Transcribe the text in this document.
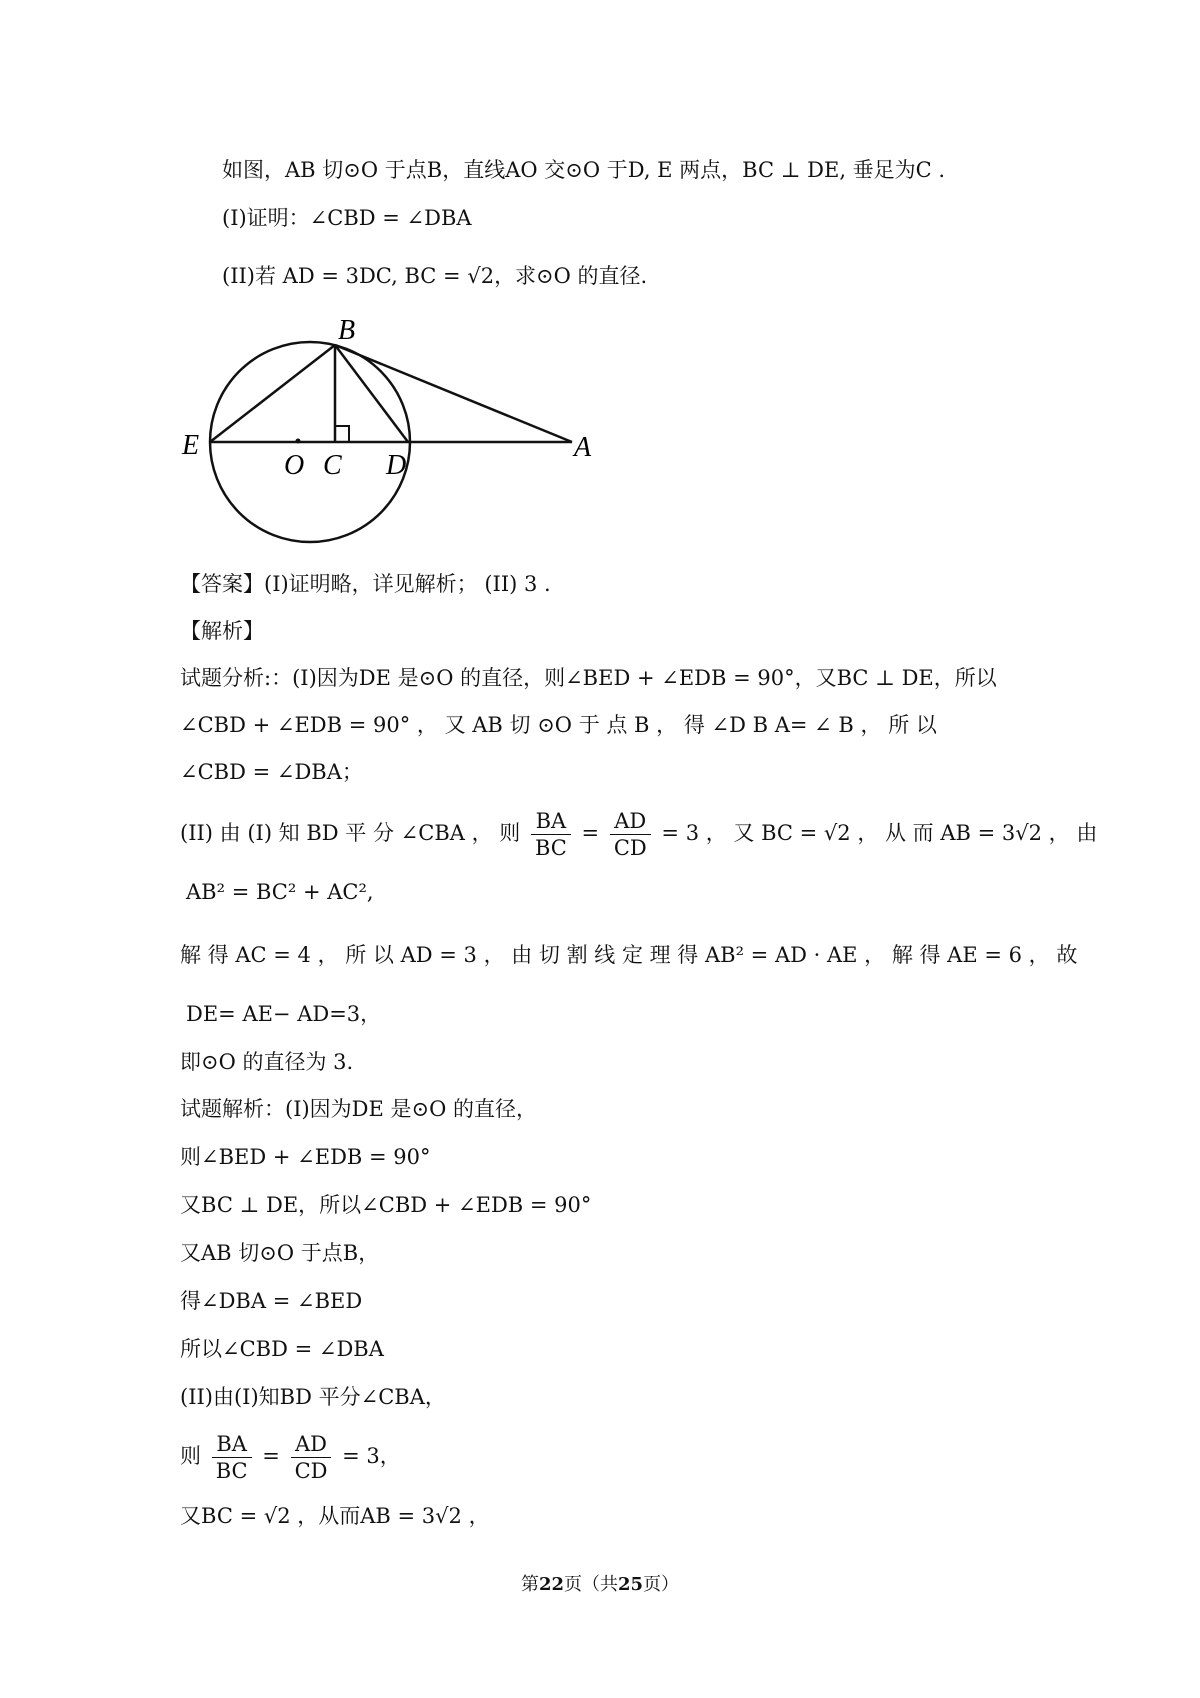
如图，AB 切⊙O 于点B，直线AO 交⊙O 于D, E 两点，BC ⊥ DE, 垂足为C .
(I)证明：∠CBD = ∠DBA
(II)若 AD = 3DC, BC = √2，求⊙O 的直径.
B
E
O C D
A
【答案】(I)证明略，详见解析； (II) 3 .
【解析】
试题分析:：(I)因为DE 是⊙O 的直径，则∠BED + ∠EDB = 90°，又BC ⊥ DE，所以
∠CBD + ∠EDB = 90° ， 又 AB 切 ⊙O 于 点 B ， 得 ∠D B A= ∠ B ， 所 以
∠CBD = ∠DBA；
(II) 由 (I) 知 BD 平 分 ∠CBA ， 则 $\frac{BA}{BC} = \frac{AD}{CD} = 3$ ， 又 BC = √2 ， 从 而 AB = 3√2 ， 由
AB² = BC² + AC²,
解 得 AC = 4 ， 所 以 AD = 3 ， 由 切 割 线 定 理 得 AB² = AD · AE ， 解 得 AE = 6 ， 故
DE= AE− AD=3，
即⊙O 的直径为 3.
试题解析：(I)因为DE 是⊙O 的直径，
则∠BED + ∠EDB = 90°
又BC ⊥ DE，所以∠CBD + ∠EDB = 90°
又AB 切⊙O 于点B，
得∠DBA = ∠BED
所以∠CBD = ∠DBA
(II)由(I)知BD 平分∠CBA，
则 $\frac{BA}{BC} = \frac{AD}{CD} = 3$，
又BC = √2 ，从而AB = 3√2 ，
第22页（共25页）
